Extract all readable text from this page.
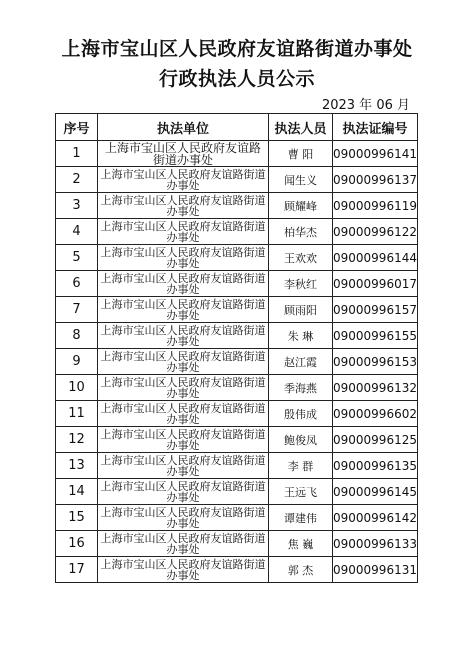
上海市宝山区人民政府友谊路街道办事处
行政执法人员公示
2023 年 06 月
序号	执法单位	执法人员	执法证编号
1	上海市宝山区人民政府友谊路街道办事处	曹 阳	09000996141
2	上海市宝山区人民政府友谊路街道办事处	闻生义	09000996137
3	上海市宝山区人民政府友谊路街道办事处	顾耀峰	09000996119
4	上海市宝山区人民政府友谊路街道办事处	柏华杰	09000996122
5	上海市宝山区人民政府友谊路街道办事处	王欢欢	09000996144
6	上海市宝山区人民政府友谊路街道办事处	李秋红	09000996017
7	上海市宝山区人民政府友谊路街道办事处	顾雨阳	09000996157
8	上海市宝山区人民政府友谊路街道办事处	朱 琳	09000996155
9	上海市宝山区人民政府友谊路街道办事处	赵江霞	09000996153
10	上海市宝山区人民政府友谊路街道办事处	季海燕	09000996132
11	上海市宝山区人民政府友谊路街道办事处	殷伟成	09000996602
12	上海市宝山区人民政府友谊路街道办事处	鲍俊凤	09000996125
13	上海市宝山区人民政府友谊路街道办事处	李 群	09000996135
14	上海市宝山区人民政府友谊路街道办事处	王远飞	09000996145
15	上海市宝山区人民政府友谊路街道办事处	谭建伟	09000996142
16	上海市宝山区人民政府友谊路街道办事处	焦 巍	09000996133
17	上海市宝山区人民政府友谊路街道办事处	郭 杰	09000996131
